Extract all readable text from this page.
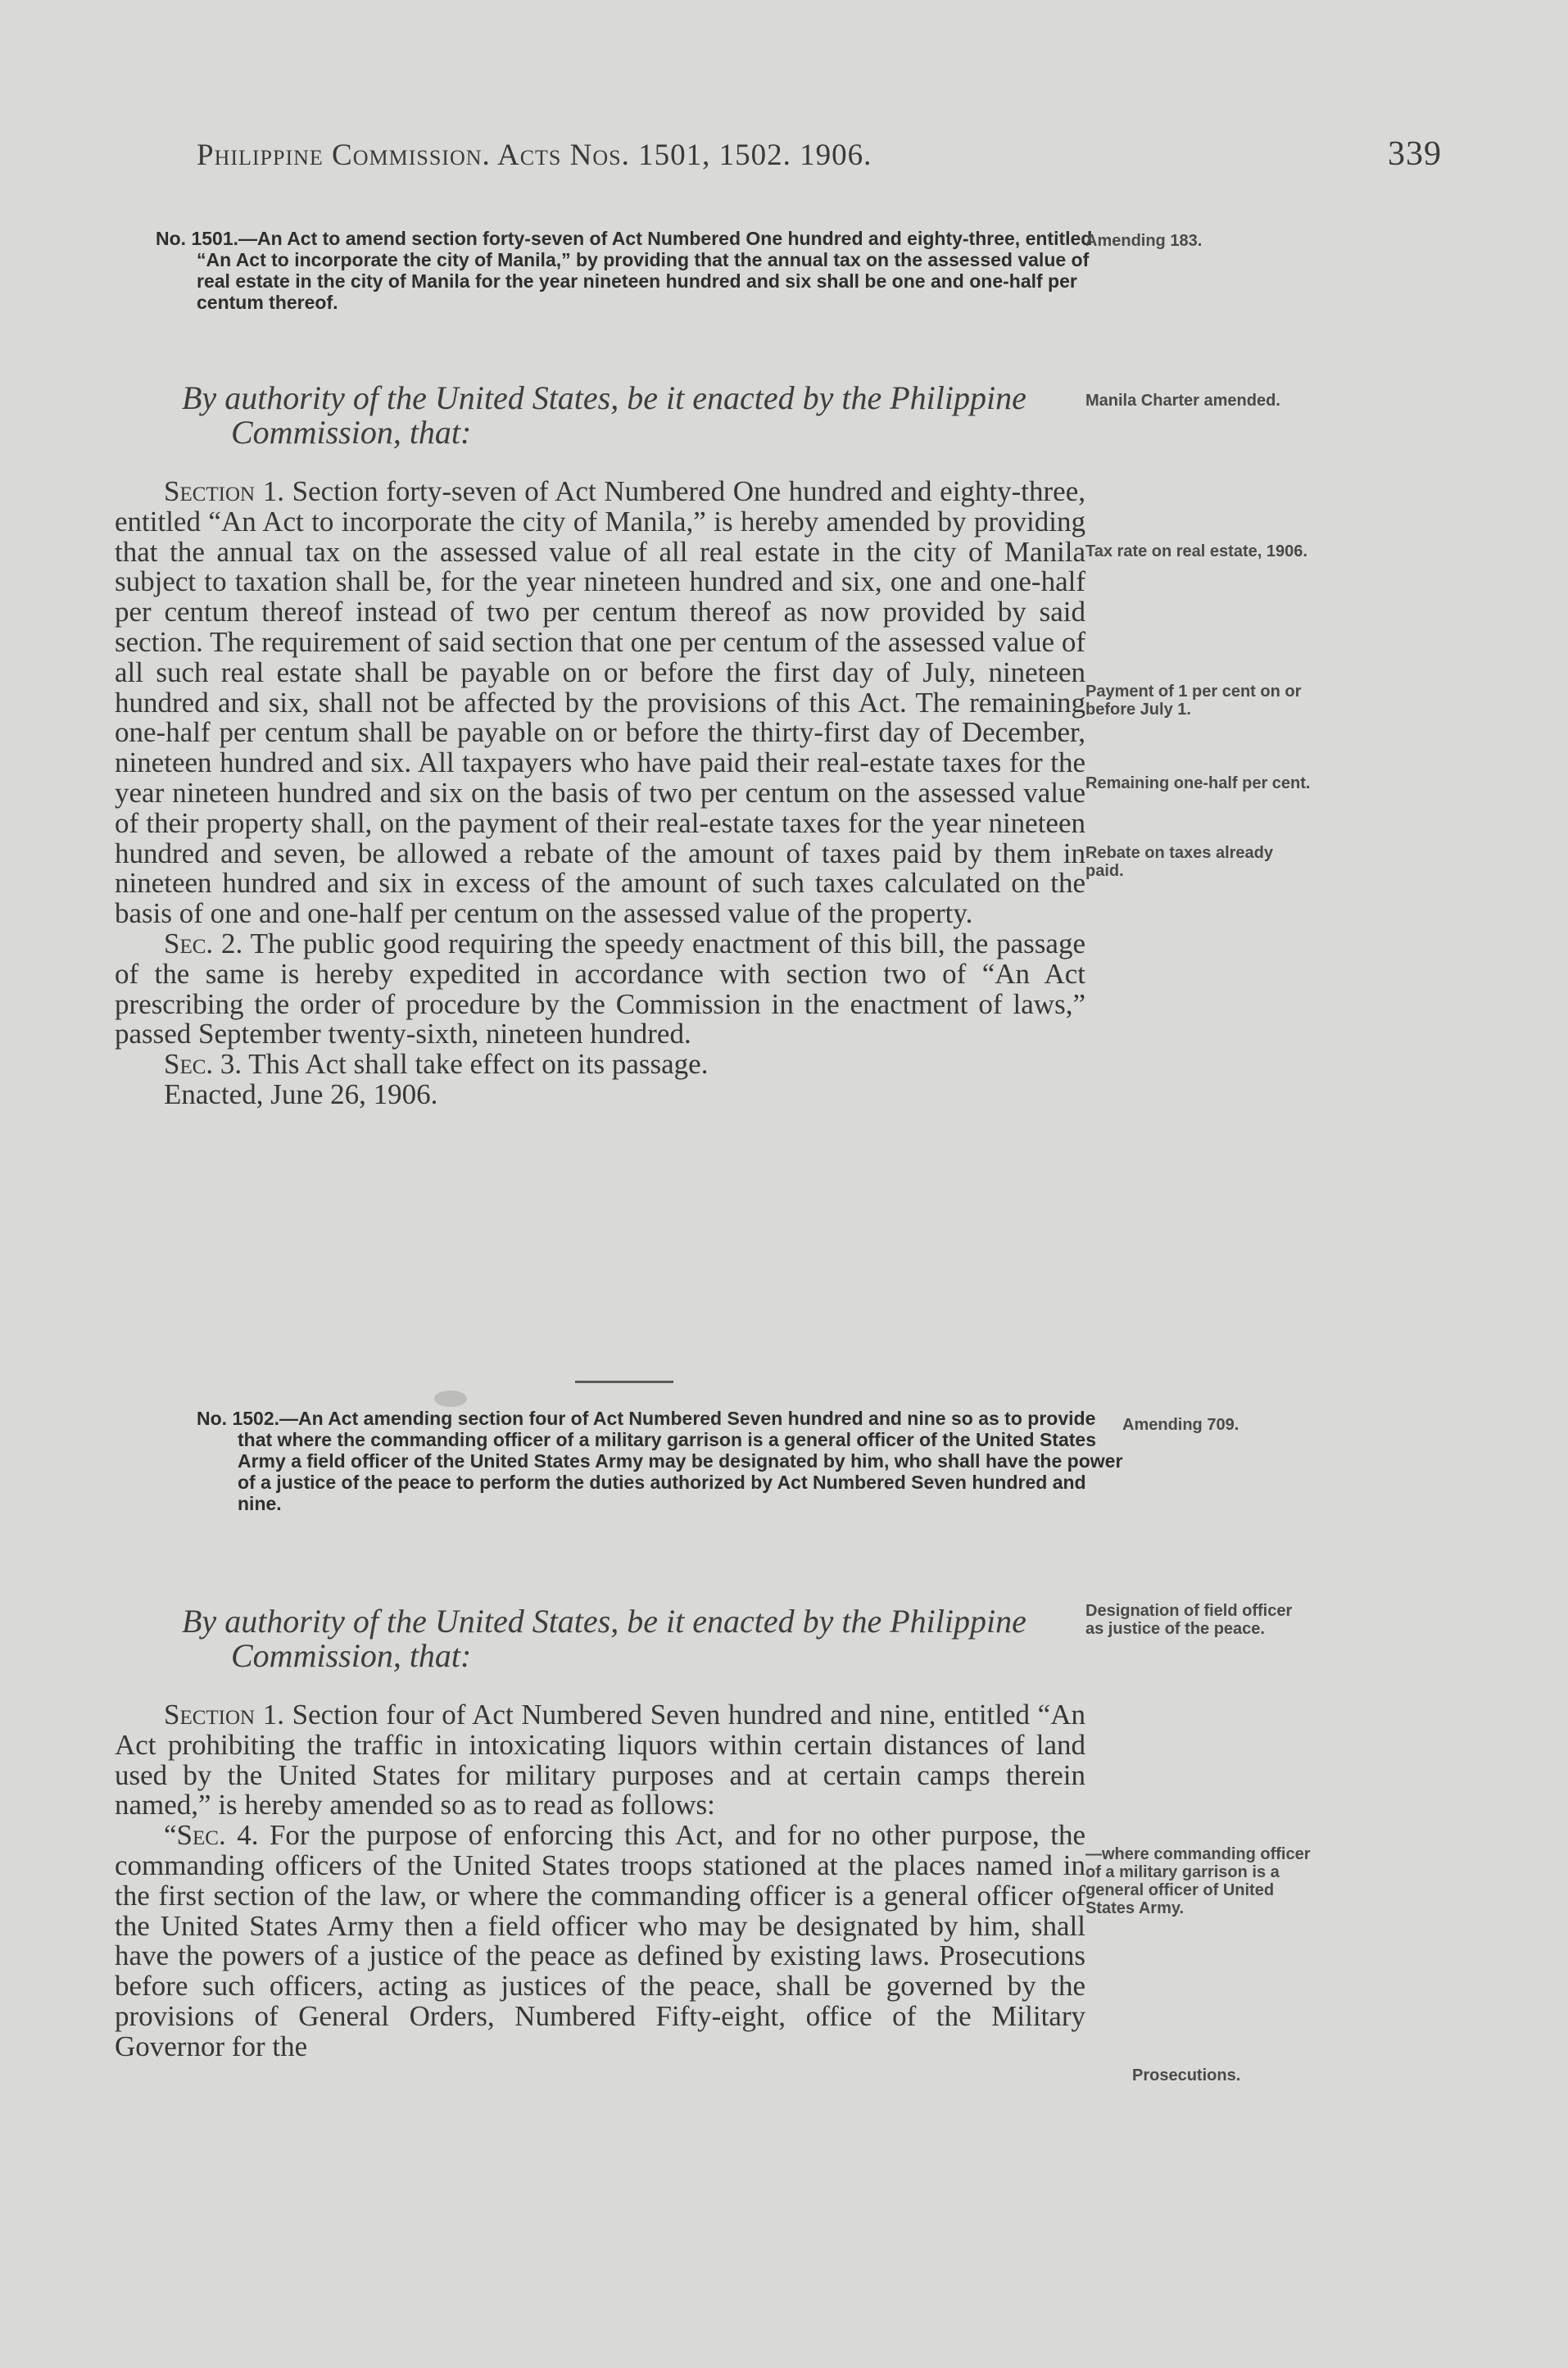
Philippine Commission. Acts Nos. 1501, 1502. 1906.	339
No. 1501.—An Act to amend section forty-seven of Act Numbered One hundred and eighty-three, entitled “An Act to incorporate the city of Manila,” by providing that the annual tax on the assessed value of real estate in the city of Manila for the year nineteen hundred and six shall be one and one-half per centum thereof.
By authority of the United States, be it enacted by the Philippine Commission, that:

Section 1. Section forty-seven of Act Numbered One hundred and eighty-three, entitled “An Act to incorporate the city of Manila,” is hereby amended by providing that the annual tax on the assessed value of all real estate in the city of Manila subject to taxation shall be, for the year nineteen hundred and six, one and one-half per centum thereof instead of two per centum thereof as now provided by said section. The requirement of said section that one per centum of the assessed value of all such real estate shall be payable on or before the first day of July, nineteen hundred and six, shall not be affected by the provisions of this Act. The remaining one-half per centum shall be payable on or before the thirty-first day of December, nineteen hundred and six. All taxpayers who have paid their real-estate taxes for the year nineteen hundred and six on the basis of two per centum on the assessed value of their property shall, on the payment of their real-estate taxes for the year nineteen hundred and seven, be allowed a rebate of the amount of taxes paid by them in nineteen hundred and six in excess of the amount of such taxes calculated on the basis of one and one-half per centum on the assessed value of the property.

Sec. 2. The public good requiring the speedy enactment of this bill, the passage of the same is hereby expedited in accordance with section two of “An Act prescribing the order of procedure by the Commission in the enactment of laws,” passed September twenty-sixth, nineteen hundred.

Sec. 3. This Act shall take effect on its passage.

Enacted, June 26, 1906.

No. 1502.—An Act amending section four of Act Numbered Seven hundred and nine so as to provide that where the commanding officer of a military garrison is a general officer of the United States Army a field officer of the United States Army may be designated by him, who shall have the power of a justice of the peace to perform the duties authorized by Act Numbered Seven hundred and nine.
By authority of the United States, be it enacted by the Philippine Commission, that:

Section 1. Section four of Act Numbered Seven hundred and nine, entitled “An Act prohibiting the traffic in intoxicating liquors within certain distances of land used by the United States for military purposes and at certain camps therein named,” is hereby amended so as to read as follows:

“Sec. 4. For the purpose of enforcing this Act, and for no other purpose, the commanding officers of the United States troops stationed at the places named in the first section of the law, or where the commanding officer is a general officer of the United States Army then a field officer who may be designated by him, shall have the powers of a justice of the peace as defined by existing laws. Prosecutions before such officers, acting as justices of the peace, shall be governed by the provisions of General Orders, Numbered Fifty-eight, office of the Military Governor for the

Amending 183.
Manila Charter amended.
Tax rate on real estate, 1906.
Payment of 1 per cent on or before July 1.
Remaining one-half per cent.
Rebate on taxes already paid.
Amending 709.
Designation of field officer as justice of the peace.
—where commanding officer of a military garrison is a general officer of United States Army.
Prosecutions.
